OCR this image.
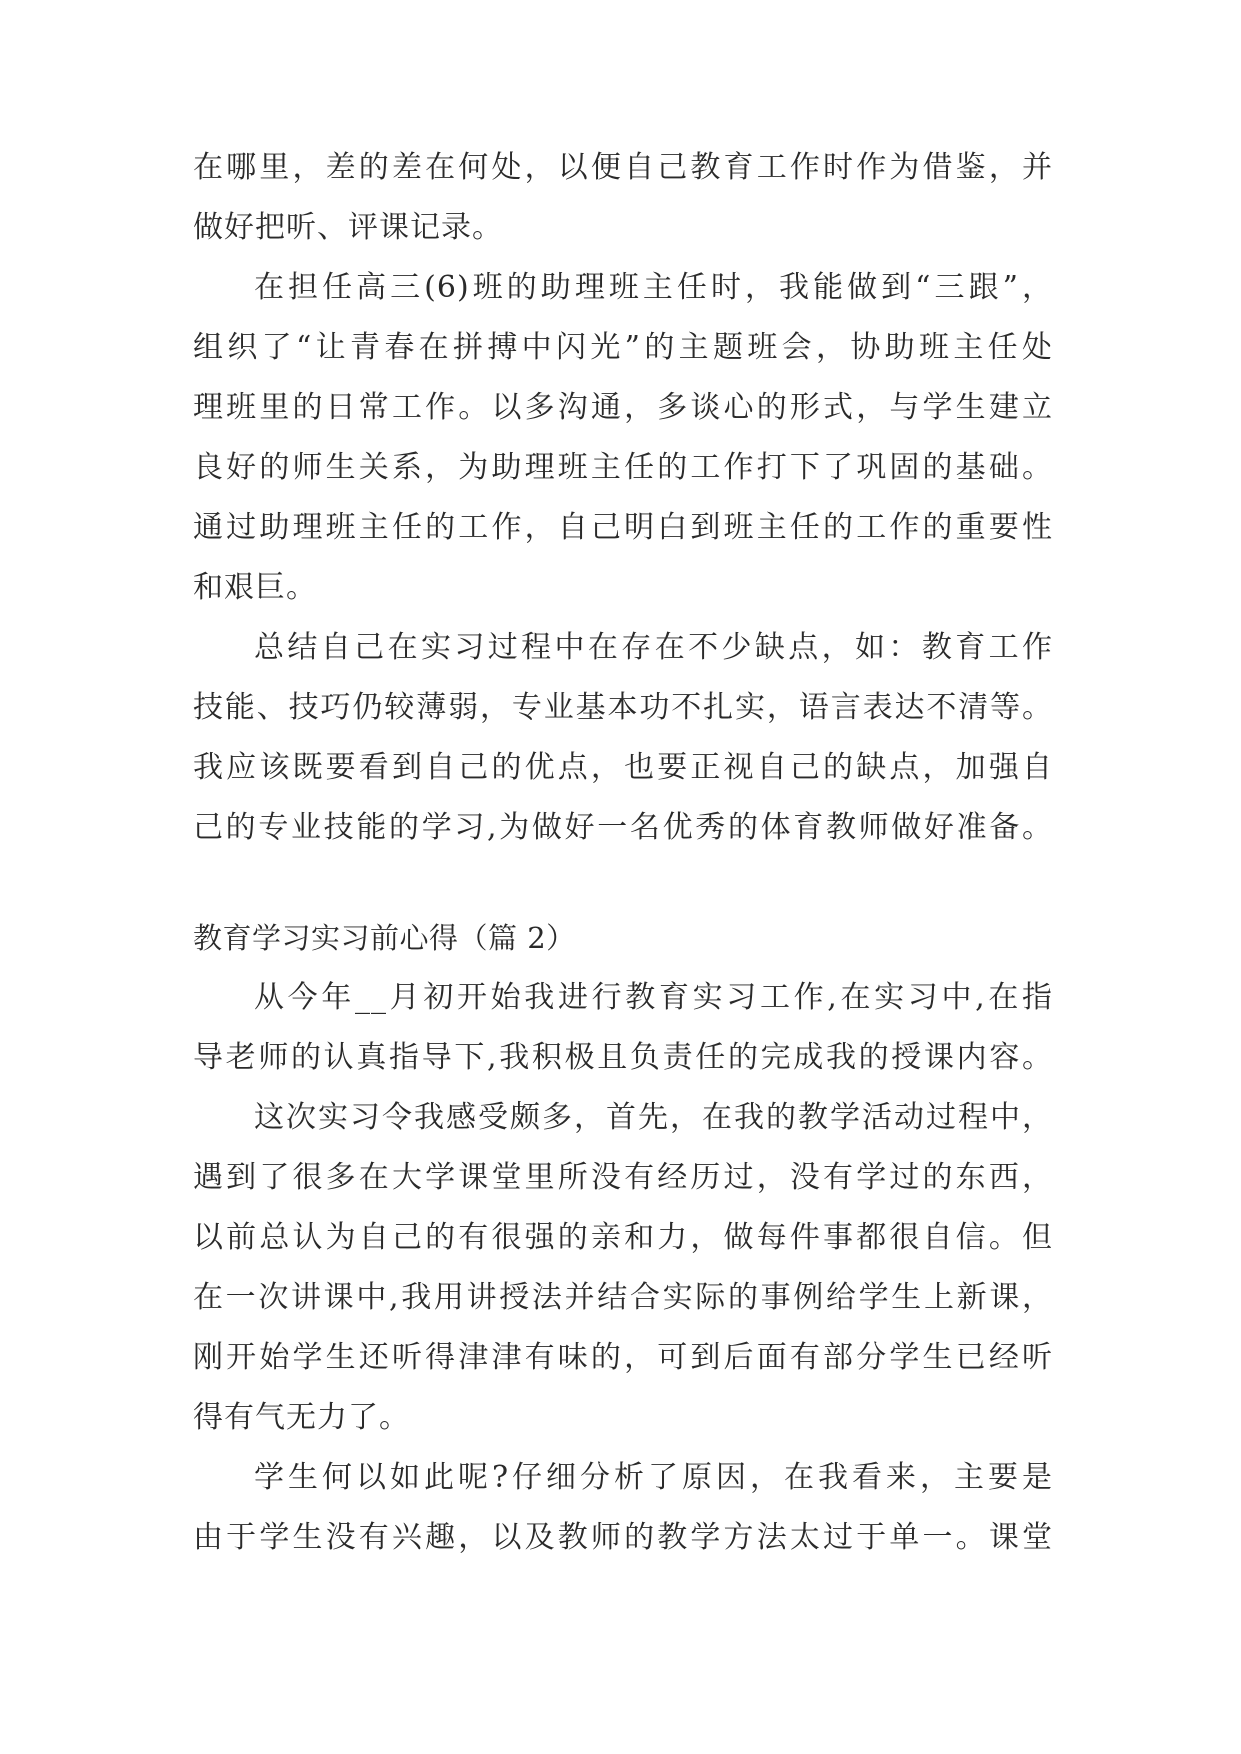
在哪里，差的差在何处，以便自己教育工作时作为借鉴，并
做好把听、评课记录。
在担任高三(6)班的助理班主任时，我能做到“三跟”，
组织了“让青春在拼搏中闪光”的主题班会，协助班主任处
理班里的日常工作。以多沟通，多谈心的形式，与学生建立
良好的师生关系，为助理班主任的工作打下了巩固的基础。
通过助理班主任的工作，自己明白到班主任的工作的重要性
和艰巨。
总结自己在实习过程中在存在不少缺点，如：教育工作
技能、技巧仍较薄弱，专业基本功不扎实，语言表达不清等。
我应该既要看到自己的优点，也要正视自己的缺点，加强自
己的专业技能的学习,为做好一名优秀的体育教师做好准备。
教育学习实习前心得（篇 2）
从今年__月初开始我进行教育实习工作,在实习中,在指
导老师的认真指导下,我积极且负责任的完成我的授课内容。
这次实习令我感受颇多，首先，在我的教学活动过程中，
遇到了很多在大学课堂里所没有经历过，没有学过的东西，
以前总认为自己的有很强的亲和力，做每件事都很自信。但
在一次讲课中,我用讲授法并结合实际的事例给学生上新课，
刚开始学生还听得津津有味的，可到后面有部分学生已经听
得有气无力了。
学生何以如此呢?仔细分析了原因，在我看来，主要是
由于学生没有兴趣，以及教师的教学方法太过于单一。课堂
